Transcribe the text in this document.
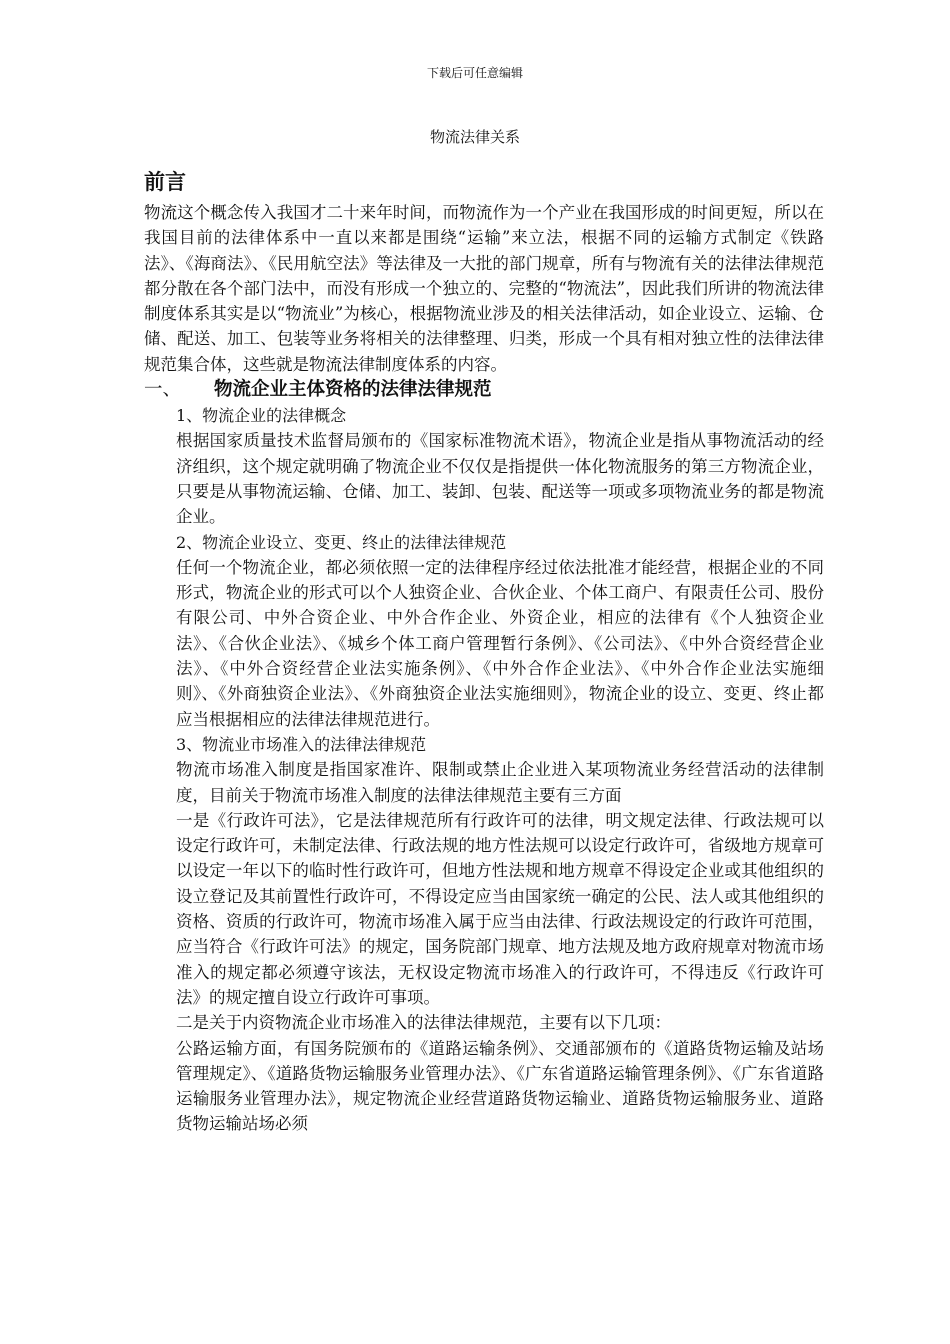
下载后可任意编辑
物流法律关系
前言

物流这个概念传入我国才二十来年时间，而物流作为一个产业在我国形成的时间更短，所以在我国目前的法律体系中一直以来都是围绕“运输”来立法，根据不同的运输方式制定《铁路法》、《海商法》、《民用航空法》等法律及一大批的部门规章，所有与物流有关的法律法律规范都分散在各个部门法中，而没有形成一个独立的、完整的“物流法”，因此我们所讲的物流法律制度体系其实是以“物流业”为核心，根据物流业涉及的相关法律活动，如企业设立、运输、仓储、配送、加工、包装等业务将相关的法律整理、归类，形成一个具有相对独立性的法律法律规范集合体，这些就是物流法律制度体系的内容。

一、	物流企业主体资格的法律法律规范

1、物流企业的法律概念

根据国家质量技术监督局颁布的《国家标准物流术语》，物流企业是指从事物流活动的经济组织，这个规定就明确了物流企业不仅仅是指提供一体化物流服务的第三方物流企业，只要是从事物流运输、仓储、加工、装卸、包装、配送等一项或多项物流业务的都是物流企业。

2、物流企业设立、变更、终止的法律法律规范

任何一个物流企业，都必须依照一定的法律程序经过依法批准才能经营，根据企业的不同形式，物流企业的形式可以个人独资企业、合伙企业、个体工商户、有限责任公司、股份有限公司、中外合资企业、中外合作企业、外资企业，相应的法律有《个人独资企业法》、《合伙企业法》、《城乡个体工商户管理暂行条例》、《公司法》、《中外合资经营企业法》、《中外合资经营企业法实施条例》、《中外合作企业法》、《中外合作企业法实施细则》、《外商独资企业法》、《外商独资企业法实施细则》，物流企业的设立、变更、终止都应当根据相应的法律法律规范进行。

3、物流业市场准入的法律法律规范

物流市场准入制度是指国家准许、限制或禁止企业进入某项物流业务经营活动的法律制度，目前关于物流市场准入制度的法律法律规范主要有三方面

一是《行政许可法》，它是法律规范所有行政许可的法律，明文规定法律、行政法规可以设定行政许可，未制定法律、行政法规的地方性法规可以设定行政许可，省级地方规章可以设定一年以下的临时性行政许可，但地方性法规和地方规章不得设定企业或其他组织的设立登记及其前置性行政许可，不得设定应当由国家统一确定的公民、法人或其他组织的资格、资质的行政许可，物流市场准入属于应当由法律、行政法规设定的行政许可范围，应当符合《行政许可法》的规定，国务院部门规章、地方法规及地方政府规章对物流市场准入的规定都必须遵守该法，无权设定物流市场准入的行政许可，不得违反《行政许可法》的规定擅自设立行政许可事项。

二是关于内资物流企业市场准入的法律法律规范，主要有以下几项：

公路运输方面，有国务院颁布的《道路运输条例》、交通部颁布的《道路货物运输及站场管理规定》、《道路货物运输服务业管理办法》、《广东省道路运输管理条例》、《广东省道路运输服务业管理办法》，规定物流企业经营道路货物运输业、道路货物运输服务业、道路货物运输站场必须
